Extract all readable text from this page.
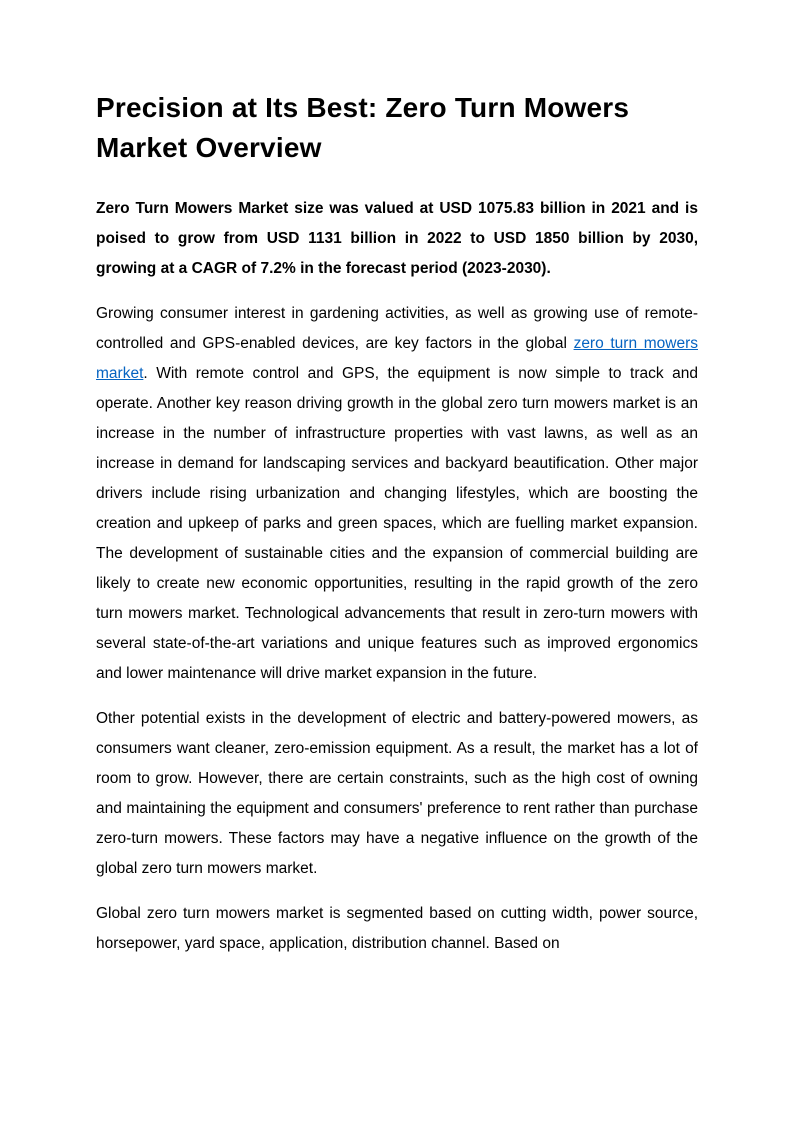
Precision at Its Best: Zero Turn Mowers Market Overview

Zero Turn Mowers Market size was valued at USD 1075.83 billion in 2021 and is poised to grow from USD 1131 billion in 2022 to USD 1850 billion by 2030, growing at a CAGR of 7.2% in the forecast period (2023-2030).

Growing consumer interest in gardening activities, as well as growing use of remote-controlled and GPS-enabled devices, are key factors in the global zero turn mowers market. With remote control and GPS, the equipment is now simple to track and operate. Another key reason driving growth in the global zero turn mowers market is an increase in the number of infrastructure properties with vast lawns, as well as an increase in demand for landscaping services and backyard beautification. Other major drivers include rising urbanization and changing lifestyles, which are boosting the creation and upkeep of parks and green spaces, which are fuelling market expansion. The development of sustainable cities and the expansion of commercial building are likely to create new economic opportunities, resulting in the rapid growth of the zero turn mowers market. Technological advancements that result in zero-turn mowers with several state-of-the-art variations and unique features such as improved ergonomics and lower maintenance will drive market expansion in the future.

Other potential exists in the development of electric and battery-powered mowers, as consumers want cleaner, zero-emission equipment. As a result, the market has a lot of room to grow. However, there are certain constraints, such as the high cost of owning and maintaining the equipment and consumers' preference to rent rather than purchase zero-turn mowers. These factors may have a negative influence on the growth of the global zero turn mowers market.

Global zero turn mowers market is segmented based on cutting width, power source, horsepower, yard space, application, distribution channel. Based on
